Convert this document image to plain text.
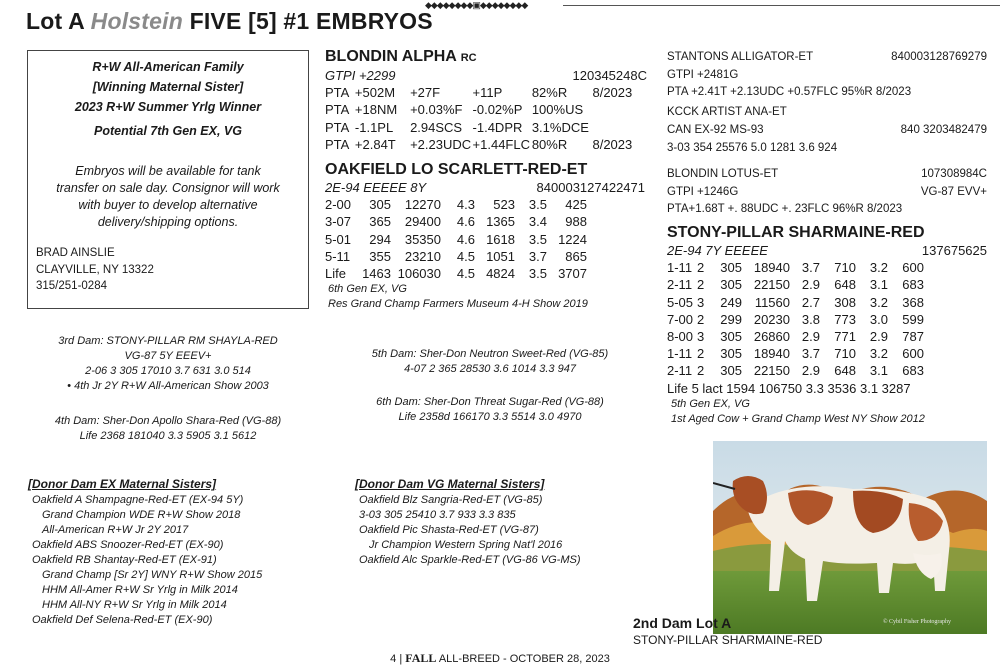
◆◆◆◆◆◆◆◆▣◆◆◆◆◆◆◆◆
Lot A Holstein FIVE [5] #1 EMBRYOS
R+W All-American Family
[Winning Maternal Sister]
2023 R+W Summer Yrlg Winner
Potential 7th Gen EX, VG
Embryos will be available for tank
transfer on sale day. Consignor will work
with buyer to develop alternative
delivery/shipping options.
BRAD AINSLIE
CLAYVILLE, NY 13322
315/251-0284
BLONDIN ALPHA RC
GTPI +2299	120345248C
PTA	+502M	+27F	+11P	82%R	8/2023
PTA	+18NM	+0.03%F	-0.02%P	100%US	
PTA	-1.1PL	2.94SCS	-1.4DPR	3.1%DCE	
PTA	+2.84T	+2.23UDC	+1.44FLC	80%R	8/2023
OAKFIELD LO SCARLETT-RED-ET
2E-94 EEEEE 8Y	840003127422471
2-00	305	12270	4.3	523	3.5	425
3-07	365	29400	4.6	1365	3.4	988
5-01	294	35350	4.6	1618	3.5	1224
5-11	355	23210	4.5	1051	3.7	865
Life	1463	106030	4.5	4824	3.5	3707
6th Gen EX, VG
Res Grand Champ Farmers Museum 4-H Show 2019
STANTONS ALLIGATOR-ET	840003128769279
GTPI +2481G
PTA +2.41T +2.13UDC +0.57FLC 95%R 8/2023
KCCK ARTIST ANA-ET
CAN EX-92 MS-93	840 3203482479
3-03 354 25576 5.0 1281 3.6 924
BLONDIN LOTUS-ET	107308984C
GTPI +1246G	VG-87 EVV+
PTA+1.68T +. 88UDC +. 23FLC 96%R 8/2023
STONY-PILLAR SHARMAINE-RED
2E-94 7Y EEEEE	137675625
1-11	2	305	18940	3.7	710	3.2	600
2-11	2	305	22150	2.9	648	3.1	683
5-05	3	249	11560	2.7	308	3.2	368
7-00	2	299	20230	3.8	773	3.0	599
8-00	3	305	26860	2.9	771	2.9	787
1-11	2	305	18940	3.7	710	3.2	600
2-11	2	305	22150	2.9	648	3.1	683
Life 5 lact 1594 106750 3.3 3536 3.1 3287
5th Gen EX, VG
1st Aged Cow + Grand Champ West NY Show 2012
3rd Dam: STONY-PILLAR RM SHAYLA-RED
VG-87 5Y EEEV+
2-06 3 305 17010 3.7 631 3.0 514
• 4th Jr 2Y R+W All-American Show 2003
4th Dam: Sher-Don Apollo Shara-Red (VG-88)
Life 2368 181040 3.3 5905 3.1 5612
5th Dam: Sher-Don Neutron Sweet-Red (VG-85)
4-07 2 365 28530 3.6 1014 3.3 947
6th Dam: Sher-Don Threat Sugar-Red (VG-88)
Life 2358d 166170 3.3 5514 3.0 4970
[Donor Dam EX Maternal Sisters]
Oakfield A Shampagne-Red-ET (EX-94 5Y)
Grand Champion WDE R+W Show 2018
All-American R+W Jr 2Y 2017
Oakfield ABS Snoozer-Red-ET (EX-90)
Oakfield RB Shantay-Red-ET (EX-91)
Grand Champ [Sr 2Y] WNY R+W Show 2015
HHM All-Amer R+W Sr Yrlg in Milk 2014
HHM All-NY R+W Sr Yrlg in Milk 2014
Oakfield Def Selena-Red-ET (EX-90)
[Donor Dam VG Maternal Sisters]
Oakfield Blz Sangria-Red-ET (VG-85)
3-03 305 25410 3.7 933 3.3 835
Oakfield Pic Shasta-Red-ET (VG-87)
Jr Champion Western Spring Nat'l 2016
Oakfield Alc Sparkle-Red-ET (VG-86 VG-MS)
© Cybil Fisher Photography
2nd Dam Lot A
STONY-PILLAR SHARMAINE-RED
4 | FALL ALL-BREED - OCTOBER 28, 2023
